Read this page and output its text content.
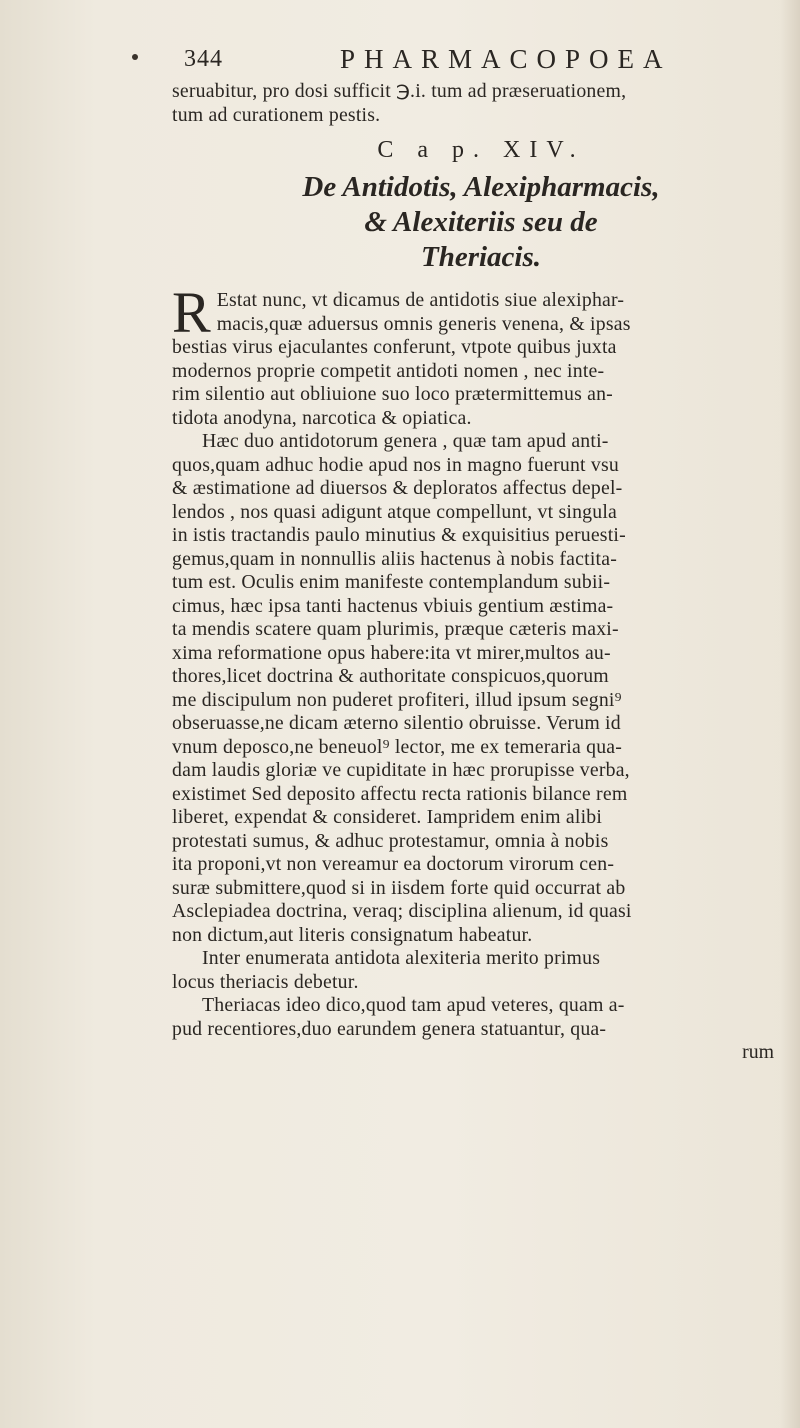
344	PHARMACOPOEA

seruabitur, pro dosi sufficit ℈.i. tum ad præseruationem,

tum ad curationem pestis.

C a p. XIV.

De Antidotis, Alexipharmacis,

& Alexiteriis seu de

Theriacis.

R Estat nunc, vt dicamus de antidotis siue alexiphar-

macis,quæ aduersus omnis generis venena, & ipsas

bestias virus ejaculantes conferunt, vtpote quibus juxta

modernos proprie competit antidoti nomen , nec inte-

rim silentio aut obliuione suo loco prætermittemus an-

tidota anodyna, narcotica & opiatica.

Hæc duo antidotorum genera , quæ tam apud anti-

quos,quam adhuc hodie apud nos in magno fuerunt vsu

& æstimatione ad diuersos & deploratos affectus depel-

lendos , nos quasi adigunt atque compellunt, vt singula

in istis tractandis paulo minutius & exquisitius peruesti-

gemus,quam in nonnullis aliis hactenus à nobis factita-

tum est. Oculis enim manifeste contemplandum subii-

cimus, hæc ipsa tanti hactenus vbiuis gentium æstima-

ta mendis scatere quam plurimis, præque cæteris maxi-

xima reformatione opus habere:ita vt mirer,multos au-

thores,licet doctrina & authoritate conspicuos,quorum

me discipulum non puderet profiteri, illud ipsum segni⁹

obseruasse,ne dicam æterno silentio obruisse. Verum id

vnum deposco,ne beneuol⁹ lector, me ex temeraria qua-

dam laudis gloriæ ve cupiditate in hæc prorupisse verba,

existimet Sed deposito affectu recta rationis bilance rem

liberet, expendat & consideret. Iampridem enim alibi

protestati sumus, & adhuc protestamur, omnia à nobis

ita proponi,vt non vereamur ea doctorum virorum cen-

suræ submittere,quod si in iisdem forte quid occurrat ab

Asclepiadea doctrina, veraq; disciplina alienum, id quasi

non dictum,aut literis consignatum habeatur.

Inter enumerata antidota alexiteria merito primus

locus theriacis debetur.

Theriacas ideo dico,quod tam apud veteres, quam a-

pud recentiores,duo earundem genera statuantur, qua-

rum
